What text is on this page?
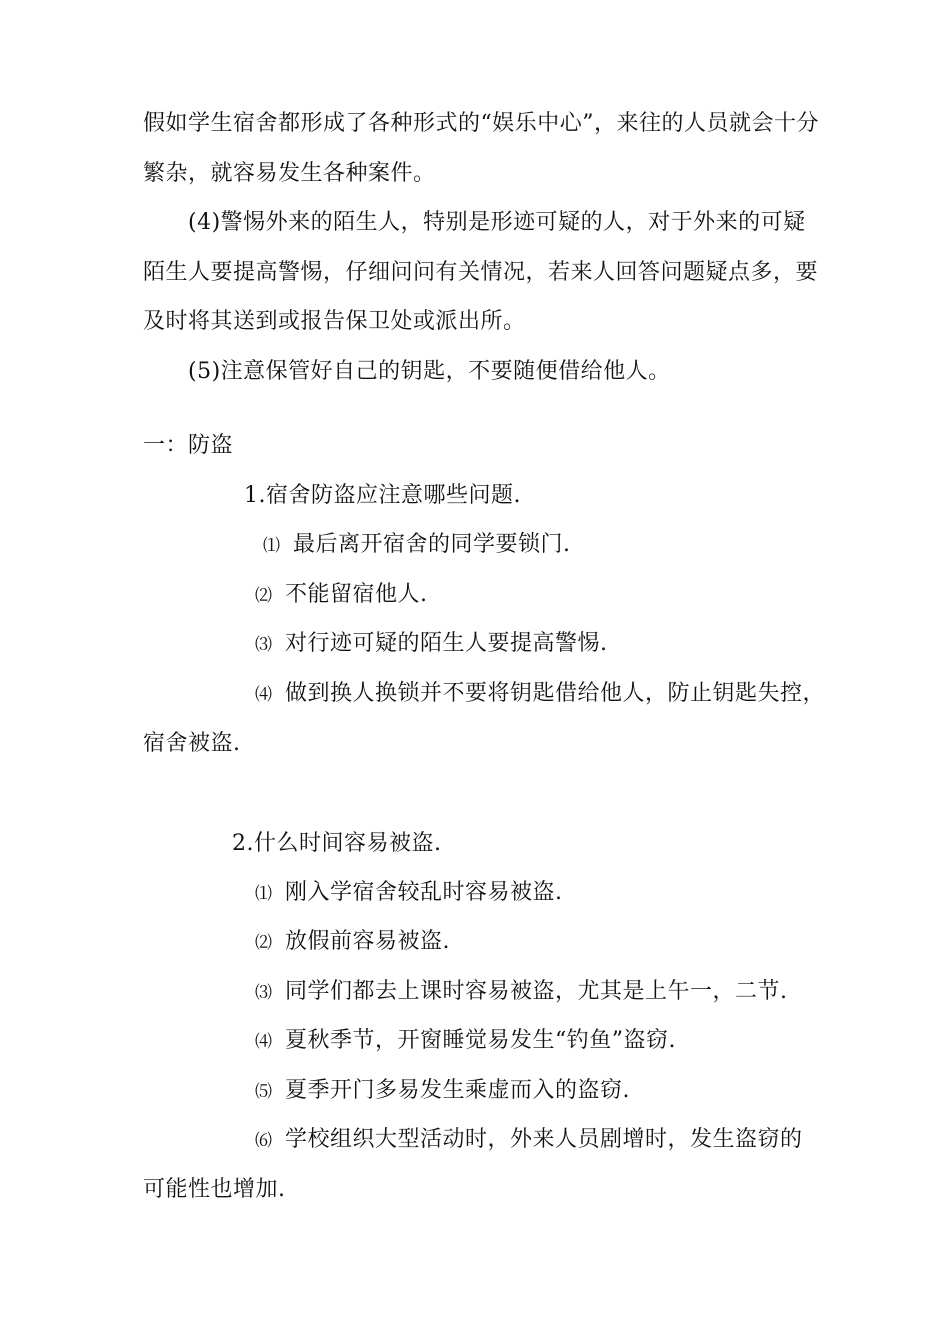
假如学生宿舍都形成了各种形式的“娱乐中心”，来往的人员就会十分
繁杂，就容易发生各种案件。
(4)警惕外来的陌生人，特别是形迹可疑的人，对于外来的可疑
陌生人要提高警惕，仔细问问有关情况，若来人回答问题疑点多，要
及时将其送到或报告保卫处或派出所。
(5)注意保管好自己的钥匙，不要随便借给他人。
一：防盗
1.宿舍防盗应注意哪些问题.
⑴ 最后离开宿舍的同学要锁门.
⑵ 不能留宿他人.
⑶ 对行迹可疑的陌生人要提高警惕.
⑷ 做到换人换锁并不要将钥匙借给他人，防止钥匙失控，
宿舍被盗.
2.什么时间容易被盗.
⑴ 刚入学宿舍较乱时容易被盗.
⑵ 放假前容易被盗.
⑶ 同学们都去上课时容易被盗，尤其是上午一，二节.
⑷ 夏秋季节，开窗睡觉易发生“钓鱼”盗窃.
⑸ 夏季开门多易发生乘虚而入的盗窃.
⑹ 学校组织大型活动时，外来人员剧增时，发生盗窃的
可能性也增加.
